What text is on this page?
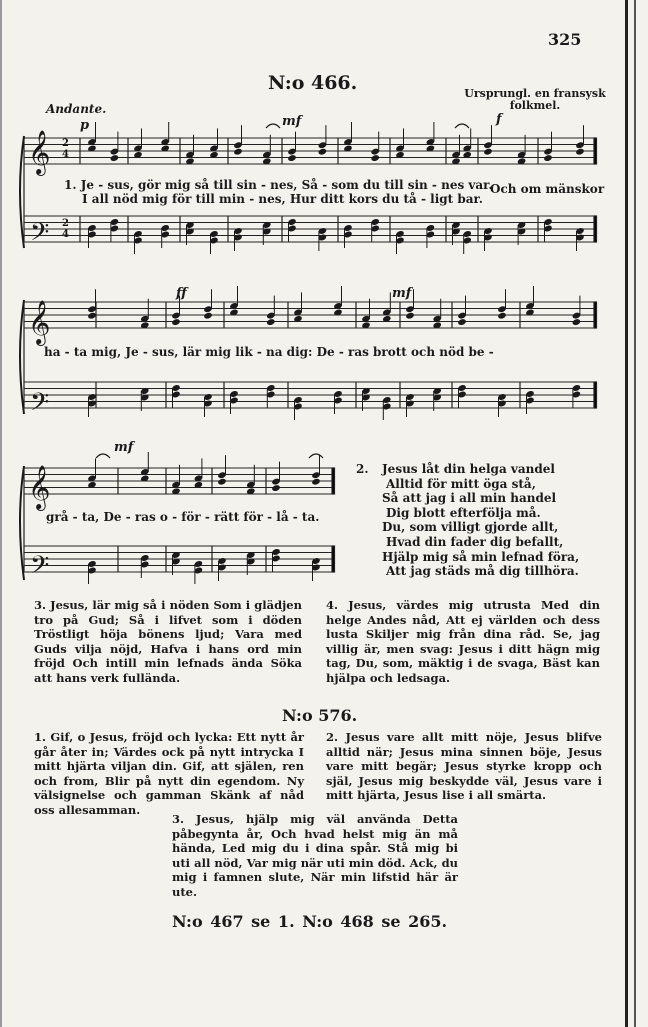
325
N:o 466.
Andante.
Ursprungl. en fransysk
folkmel.
𝄞
𝄢
𝄞
𝄢
𝄞
𝄢
2
4
2
4
p	mf	f
ff	mf
mf
1. Je - sus, gör mig så till sin - nes, Så - som du till sin - nes var.
I all nöd mig för till min - nes, Hur ditt kors du tå - ligt bar.
Och om mänskor
ha - ta mig, Je - sus, lär mig lik - na dig: De - ras brott och nöd be -
grå - ta, De - ras o - för - rätt för - lå - ta.
2. Jesus låt din helga vandel
Alltid för mitt öga stå,
Så att jag i all min handel
Dig blott efterfölja må.
Du, som villigt gjorde allt,
Hvad din fader dig befallt,
Hjälp mig så min lefnad föra,
Att jag städs må dig tillhöra.
3. Jesus, lär mig så i nöden Som i glädjen tro på Gud; Så i lifvet som i döden Tröstligt höja bönens ljud; Vara med Guds vilja nöjd, Hafva i hans ord min fröjd Och intill min lefnads ända Söka att hans verk fullända.
4. Jesus, värdes mig utrusta Med din helge Andes nåd, Att ej världen och dess lusta Skiljer mig från dina råd. Se, jag villig är, men svag: Jesus i ditt hägn mig tag, Du, som, mäktig i de svaga, Bäst kan hjälpa och ledsaga.
N:o 576.
1. Gif, o Jesus, fröjd och lycka: Ett nytt år går åter in; Värdes ock på nytt intrycka I mitt hjärta viljan din. Gif, att själen, ren och from, Blir på nytt din egendom. Ny välsignelse och gamman Skänk af nåd oss allesamman.
2. Jesus vare allt mitt nöje, Jesus blifve alltid när; Jesus mina sinnen böje, Jesus vare mitt begär; Jesus styrke kropp och själ, Jesus mig beskydde väl, Jesus vare i mitt hjärta, Jesus lise i all smärta.
3. Jesus, hjälp mig väl använda Detta påbegynta år, Och hvad helst mig än må hända, Led mig du i dina spår. Stå mig bi uti all nöd, Var mig när uti min död. Ack, du mig i famnen slute, När min lifstid här är ute.
N:o 467 se 1. N:o 468 se 265.
